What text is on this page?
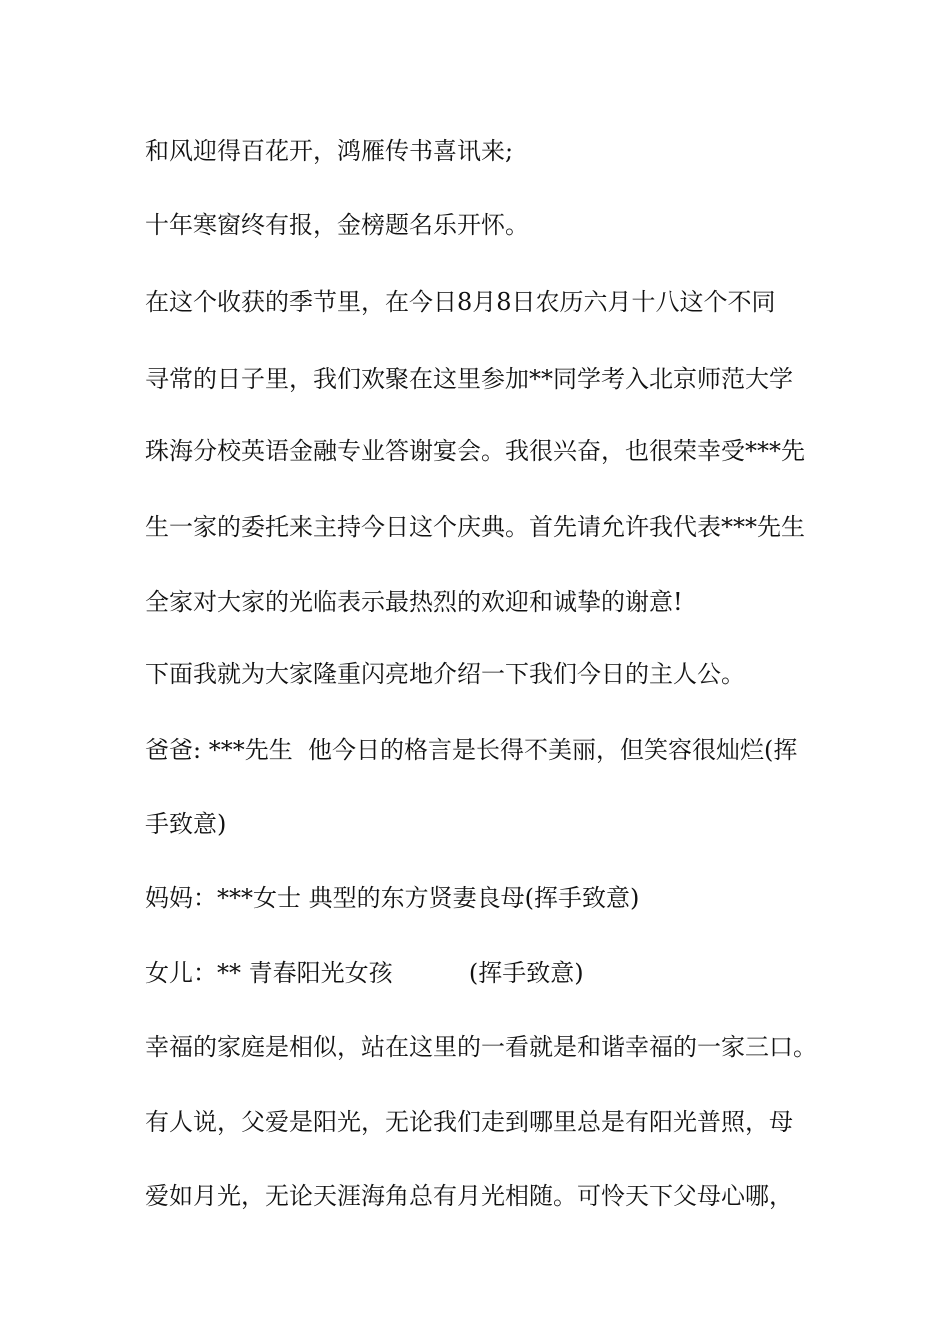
和风迎得百花开，鸿雁传书喜讯来;

十年寒窗终有报，金榜题名乐开怀。

在这个收获的季节里，在今日8月8日农历六月十八这个不同

寻常的日子里，我们欢聚在这里参加**同学考入北京师范大学

珠海分校英语金融专业答谢宴会。我很兴奋，也很荣幸受***先

生一家的委托来主持今日这个庆典。首先请允许我代表***先生

全家对大家的光临表示最热烈的欢迎和诚挚的谢意!

下面我就为大家隆重闪亮地介绍一下我们今日的主人公。

爸爸: ***先生  他今日的格言是长得不美丽，但笑容很灿烂(挥

手致意)

妈妈：***女士 典型的东方贤妻良母(挥手致意)

女儿：** 青春阳光女孩          (挥手致意)

幸福的家庭是相似，站在这里的一看就是和谐幸福的一家三口。

有人说，父爱是阳光，无论我们走到哪里总是有阳光普照，母

爱如月光，无论天涯海角总有月光相随。可怜天下父母心哪，
